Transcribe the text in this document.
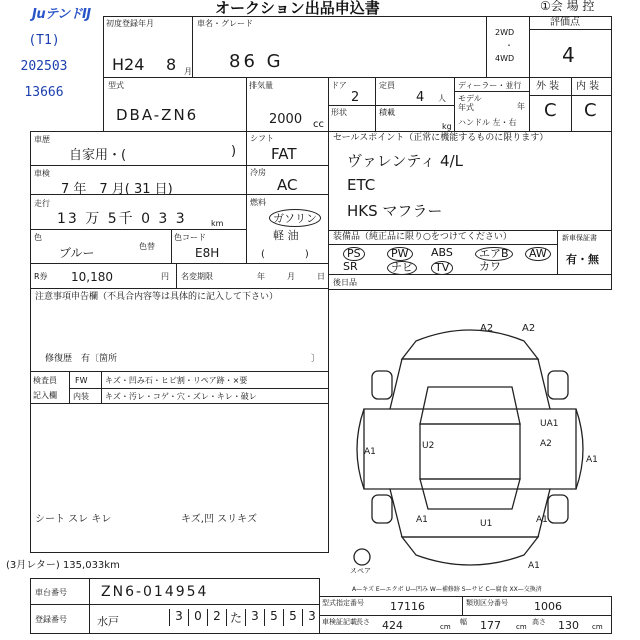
JuテンドIJ	オークション出品申込書	①会 場 控
(T1)
202503
13666
初度登録年月
H24 8 月
車名・グレード
86 G
2WD
・
4WD
評価点
4
型式
DBA-ZN6
排気量
2000 cc
ドア
2
形状
定員
4 人
積載
kg
ディーラー・並行
モデル年式	年
ハンドル 左・右
外 装 内 装
C C
車歴
自家用・(	)
車検
7 年　7 月( 31 日)
走行
13 万 5千 0 3 3	km
色
ブルー	色替
色コード
E8H
シフト
FAT
冷房
AC
燃料
ガソリン
軽 油
(　　　　)
セールスポイント（正常に機能するものに限ります）
ヴァレンティ 4/L
ETC
HKS マフラー
装備品（純正品に限り○をつけてください）
PS	PW	ABS	エアB	AW
SR	ナビ	TV	カワ
新車保証書
有・無
R券 10,180	円 名変期限	年	月	日
後日品
注意事項申告欄（不具合内容等は具体的に記入して下さい）
修復歴　有〔箇所	〕
検査員
記入欄
FW キズ・凹み石・ヒビ割・リペア跡・×要
内装 キズ・汚レ・コゲ・穴・ズレ・キレ・破レ
シート スレ キレ	キズ,凹 スリキズ
(3月レター) 135,033km
A2	A2
A1
U2
UA1
A2
A1
A1	U1	A1
A1
スペア
A—キズ E—エクボ U—凹み W—補修跡 S—サビ C—腐食 XX—交換済
車台番号 ZN6-014954
登録番号	水戸	3 0 2 た 3 5 5 3
型式指定番号 17116	類別区分番号 1006
車検証記載 長さ 424	cm
幅 177 cm
高さ 130 cm
